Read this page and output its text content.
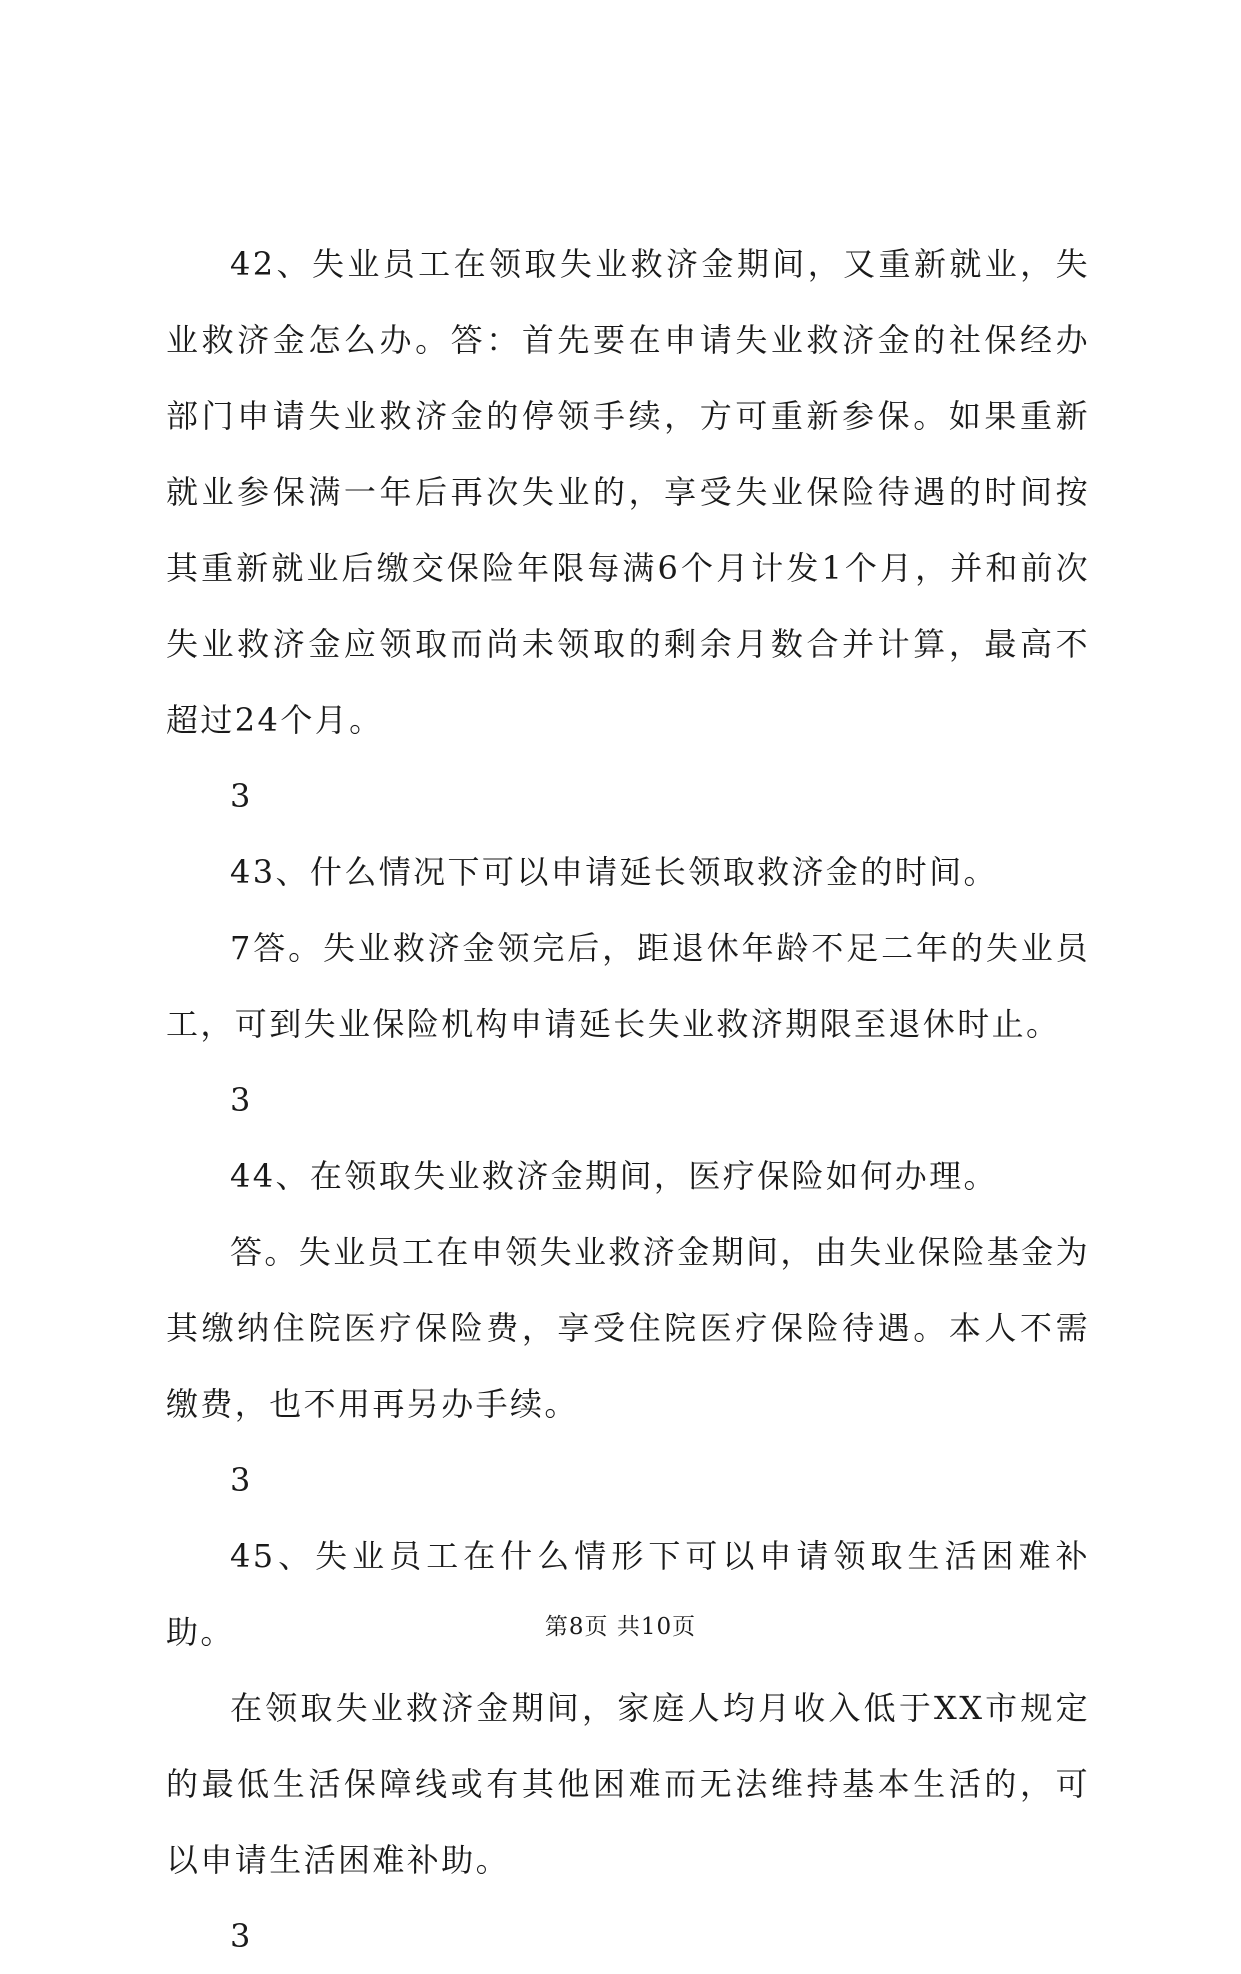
42、失业员工在领取失业救济金期间，又重新就业，失业救济金怎么办。答：首先要在申请失业救济金的社保经办部门申请失业救济金的停领手续，方可重新参保。如果重新就业参保满一年后再次失业的，享受失业保险待遇的时间按其重新就业后缴交保险年限每满6个月计发1个月，并和前次失业救济金应领取而尚未领取的剩余月数合并计算，最高不超过24个月。

3

43、什么情况下可以申请延长领取救济金的时间。

7答。失业救济金领完后，距退休年龄不足二年的失业员工，可到失业保险机构申请延长失业救济期限至退休时止。

3

44、在领取失业救济金期间，医疗保险如何办理。

答。失业员工在申领失业救济金期间，由失业保险基金为其缴纳住院医疗保险费，享受住院医疗保险待遇。本人不需缴费，也不用再另办手续。

3

45、失业员工在什么情形下可以申请领取生活困难补助。

在领取失业救济金期间，家庭人均月收入低于XX市规定的最低生活保障线或有其他困难而无法维持基本生活的，可以申请生活困难补助。

3

第8页 共10页
